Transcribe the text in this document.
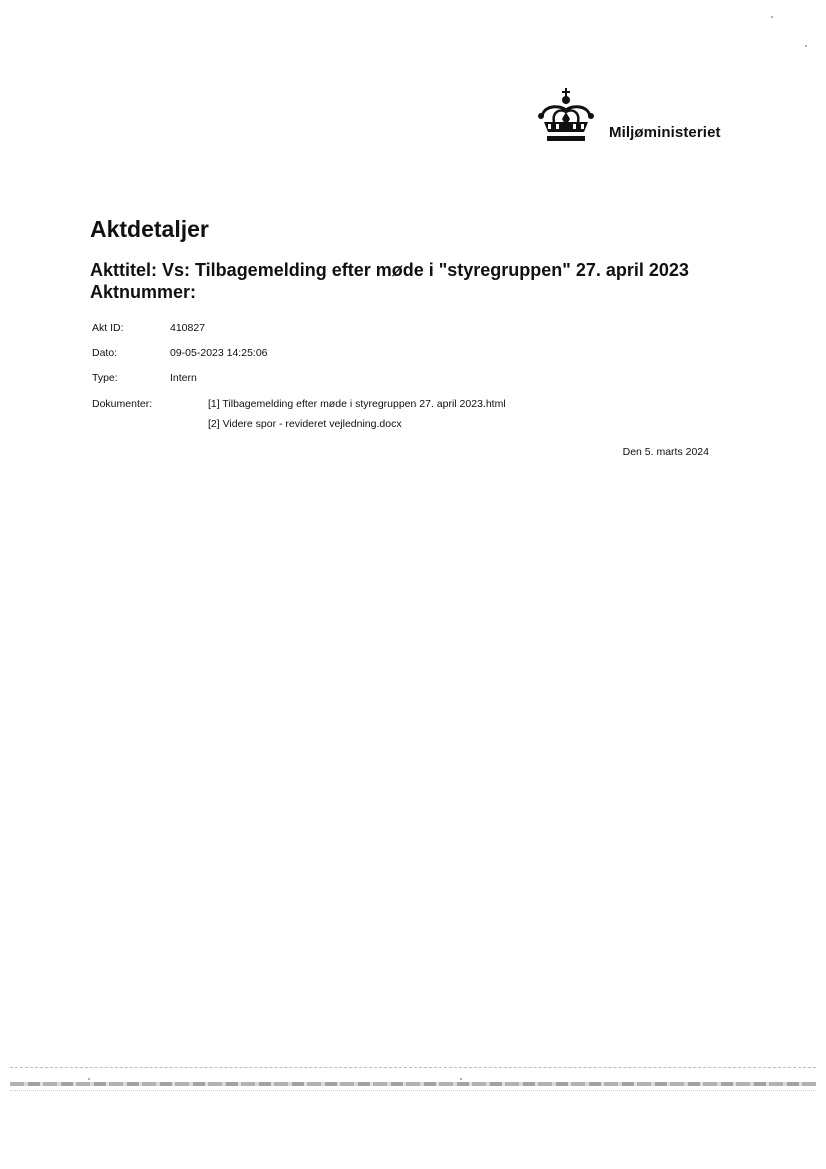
Miljøministeriet
Aktdetaljer
Akttitel: Vs: Tilbagemelding efter møde i "styregruppen" 27. april 2023
Aktnummer:
Akt ID:	410827
Dato:	09-05-2023 14:25:06
Type:	Intern
Dokumenter:	[1] Tilbagemelding efter møde i styregruppen 27. april 2023.html
[2] Videre spor - revideret vejledning.docx
Den 5. marts 2024
